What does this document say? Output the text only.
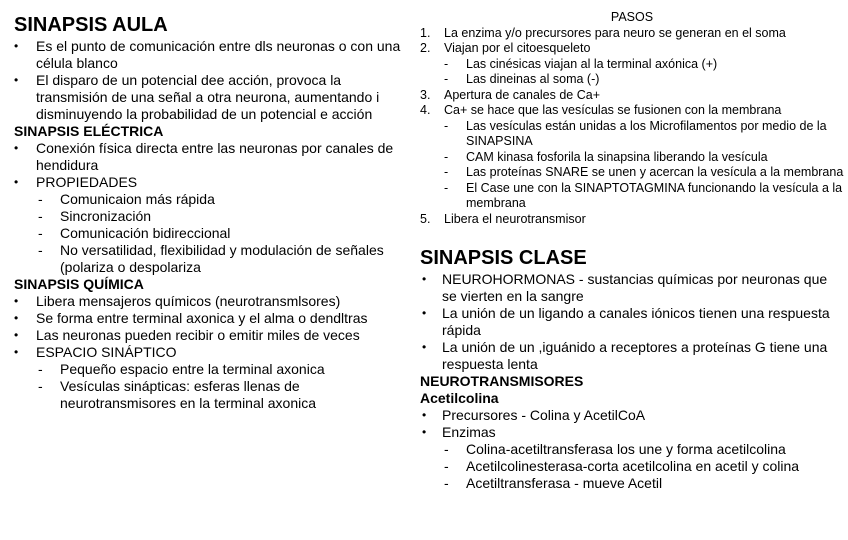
SINAPSIS AULA
• Es el punto de comunicación entre dls neuronas o con una célula blanco
• El disparo de un potencial dee acción, provoca la transmisión de una señal a otra neurona, aumentando i disminuyendo la probabilidad de un potencial e acción
SINAPSIS ELÉCTRICA
• Conexión física directa entre las neuronas por canales de hendidura
• PROPIEDADES
- Comunicaion más rápida
- Sincronización
- Comunicación bidireccional
- No versatilidad, flexibilidad y modulación de señales (polariza o despolariza
SINAPSIS QUÍMICA
• Libera mensajeros químicos (neurotransmlsores)
• Se forma entre terminal axonica y el alma o dendltras
• Las neuronas pueden recibir o emitir miles de veces
• ESPACIO SINÁPTICO
- Pequeño espacio entre la terminal axonica
- Vesículas sinápticas: esferas llenas de neurotransmisores en la terminal axonica
PASOS
1. La enzima y/o precursores para neuro se generan en el soma
2. Viajan por el citoesqueleto
- Las cinésicas viajan al la terminal axónica (+)
- Las dineinas al soma (-)
3. Apertura de canales de Ca+
4. Ca+ se hace que las vesículas se fusionen con la membrana
- Las vesículas están unidas a los Microfilamentos por medio de la SINAPSINA
- CAM kinasa fosforila la sinapsina liberando la vesícula
- Las proteínas SNARE se unen y acercan la vesícula a la membrana
- El Case une con la SINAPTOTAGMINA funcionando la vesícula a la membrana
5. Libera el neurotransmisor
SINAPSIS CLASE
• NEUROHORMONAS - sustancias químicas por neuronas que se vierten en la sangre
• La unión de un ligando a canales iónicos tienen una respuesta rápida
• La unión de un ,iguánido a receptores a proteínas G tiene una respuesta lenta
NEUROTRANSMISORES
Acetilcolina
• Precursores - Colina y AcetilCoA
• Enzimas
- Colina-acetiltransferasa los une y forma acetilcolina
- Acetilcolinesterasa-corta acetilcolina en acetil y colina
- Acetiltransferasa - mueve Acetil
